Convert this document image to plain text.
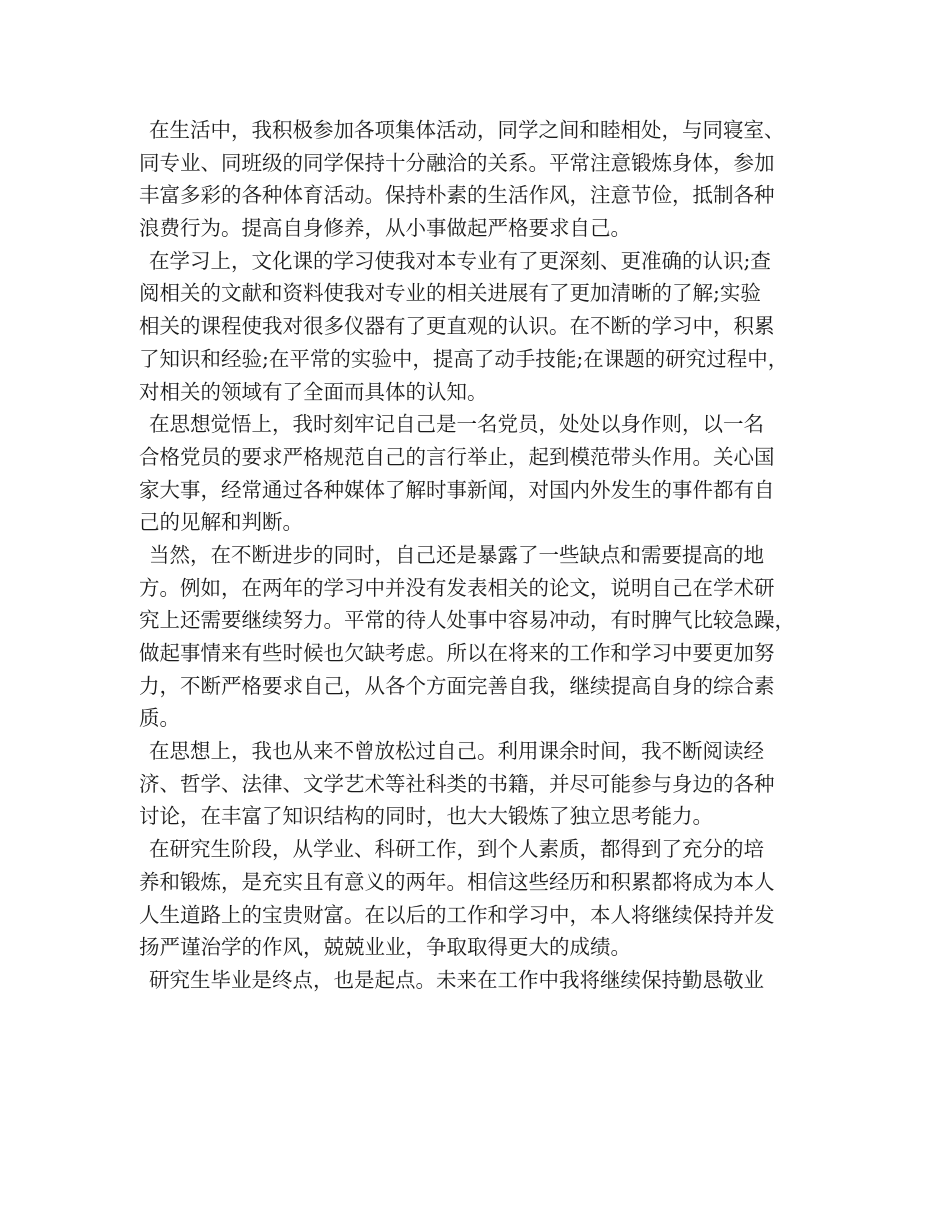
在生活中，我积极参加各项集体活动，同学之间和睦相处，与同寝室、
同专业、同班级的同学保持十分融洽的关系。平常注意锻炼身体，参加
丰富多彩的各种体育活动。保持朴素的生活作风，注意节俭，抵制各种
浪费行为。提高自身修养，从小事做起严格要求自己。

在学习上，文化课的学习使我对本专业有了更深刻、更准确的认识;查
阅相关的文献和资料使我对专业的相关进展有了更加清晰的了解;实验
相关的课程使我对很多仪器有了更直观的认识。在不断的学习中，积累
了知识和经验;在平常的实验中，提高了动手技能;在课题的研究过程中，
对相关的领域有了全面而具体的认知。

在思想觉悟上，我时刻牢记自己是一名党员，处处以身作则，以一名
合格党员的要求严格规范自己的言行举止，起到模范带头作用。关心国
家大事，经常通过各种媒体了解时事新闻，对国内外发生的事件都有自
己的见解和判断。

当然，在不断进步的同时，自己还是暴露了一些缺点和需要提高的地
方。例如，在两年的学习中并没有发表相关的论文，说明自己在学术研
究上还需要继续努力。平常的待人处事中容易冲动，有时脾气比较急躁，
做起事情来有些时候也欠缺考虑。所以在将来的工作和学习中要更加努
力，不断严格要求自己，从各个方面完善自我，继续提高自身的综合素
质。

在思想上，我也从来不曾放松过自己。利用课余时间，我不断阅读经
济、哲学、法律、文学艺术等社科类的书籍，并尽可能参与身边的各种
讨论，在丰富了知识结构的同时，也大大锻炼了独立思考能力。

在研究生阶段，从学业、科研工作，到个人素质，都得到了充分的培
养和锻炼，是充实且有意义的两年。相信这些经历和积累都将成为本人
人生道路上的宝贵财富。在以后的工作和学习中，本人将继续保持并发
扬严谨治学的作风，兢兢业业，争取取得更大的成绩。

研究生毕业是终点，也是起点。未来在工作中我将继续保持勤恳敬业
